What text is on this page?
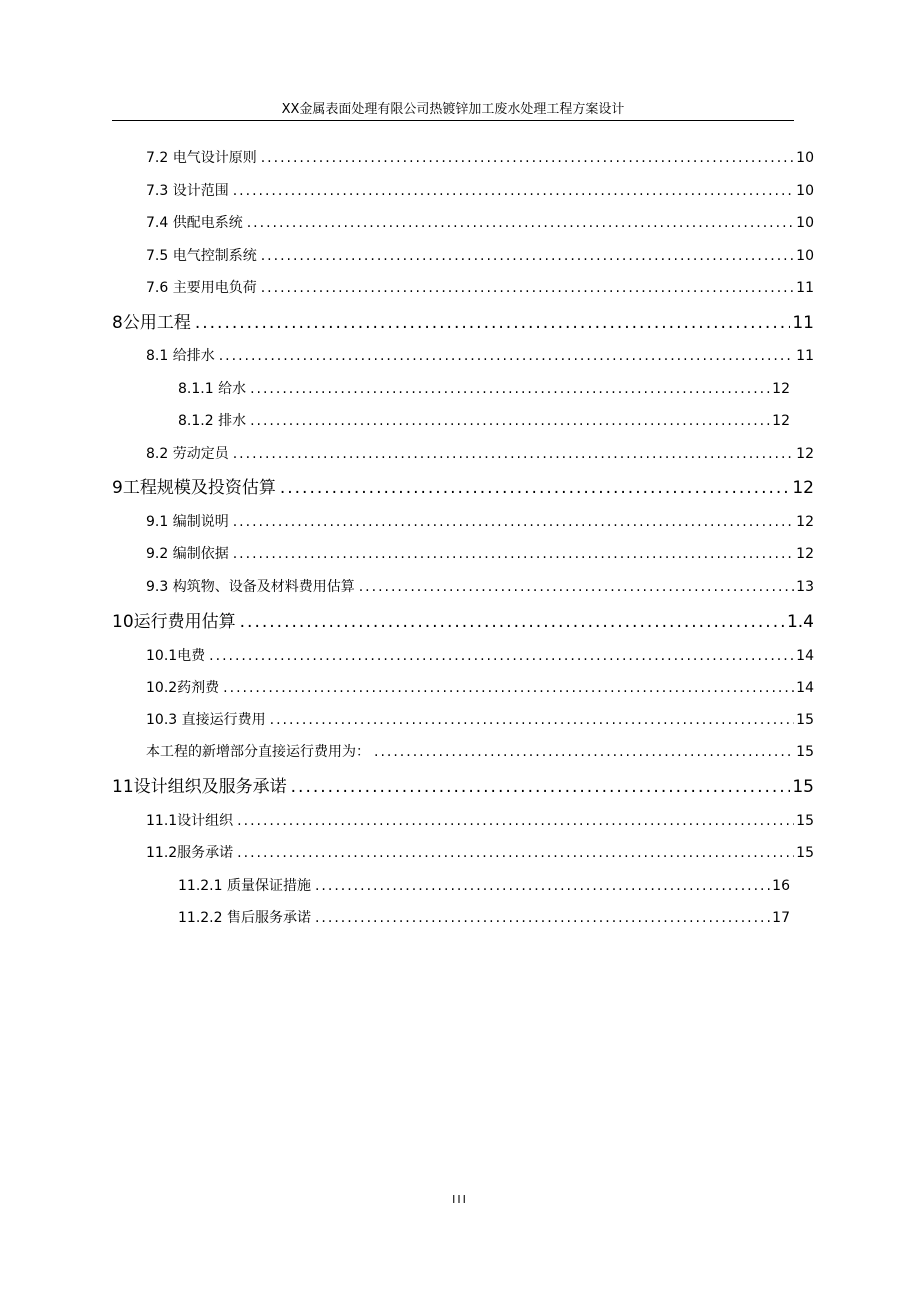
XX金属表面处理有限公司热镀锌加工废水处理工程方案设计
7.2 电气设计原则 .....	10
7.3 设计范围 .....	10
7.4 供配电系统 .....	10
7.5 电气控制系统 .....	10
7.6 主要用电负荷 .....	11
8公用工程 .....	11
8.1 给排水 .....	11
8.1.1 给水 .....	12
8.1.2 排水 .....	12
8.2 劳动定员 .....	12
9工程规模及投资估算 .....	12
9.1 编制说明 .....	12
9.2 编制依据 .....	12
9.3 构筑物、设备及材料费用估算 .....	13
10运行费用估算 .....	1.4
10.1电费 .....	14
10.2药剂费 .....	14
10.3 直接运行费用 .....	15
本工程的新增部分直接运行费用为： .....	15
11设计组织及服务承诺 .....	15
11.1设计组织 .....	15
11.2服务承诺 .....	15
11.2.1 质量保证措施 .....	16
11.2.2 售后服务承诺 .....	17
III
